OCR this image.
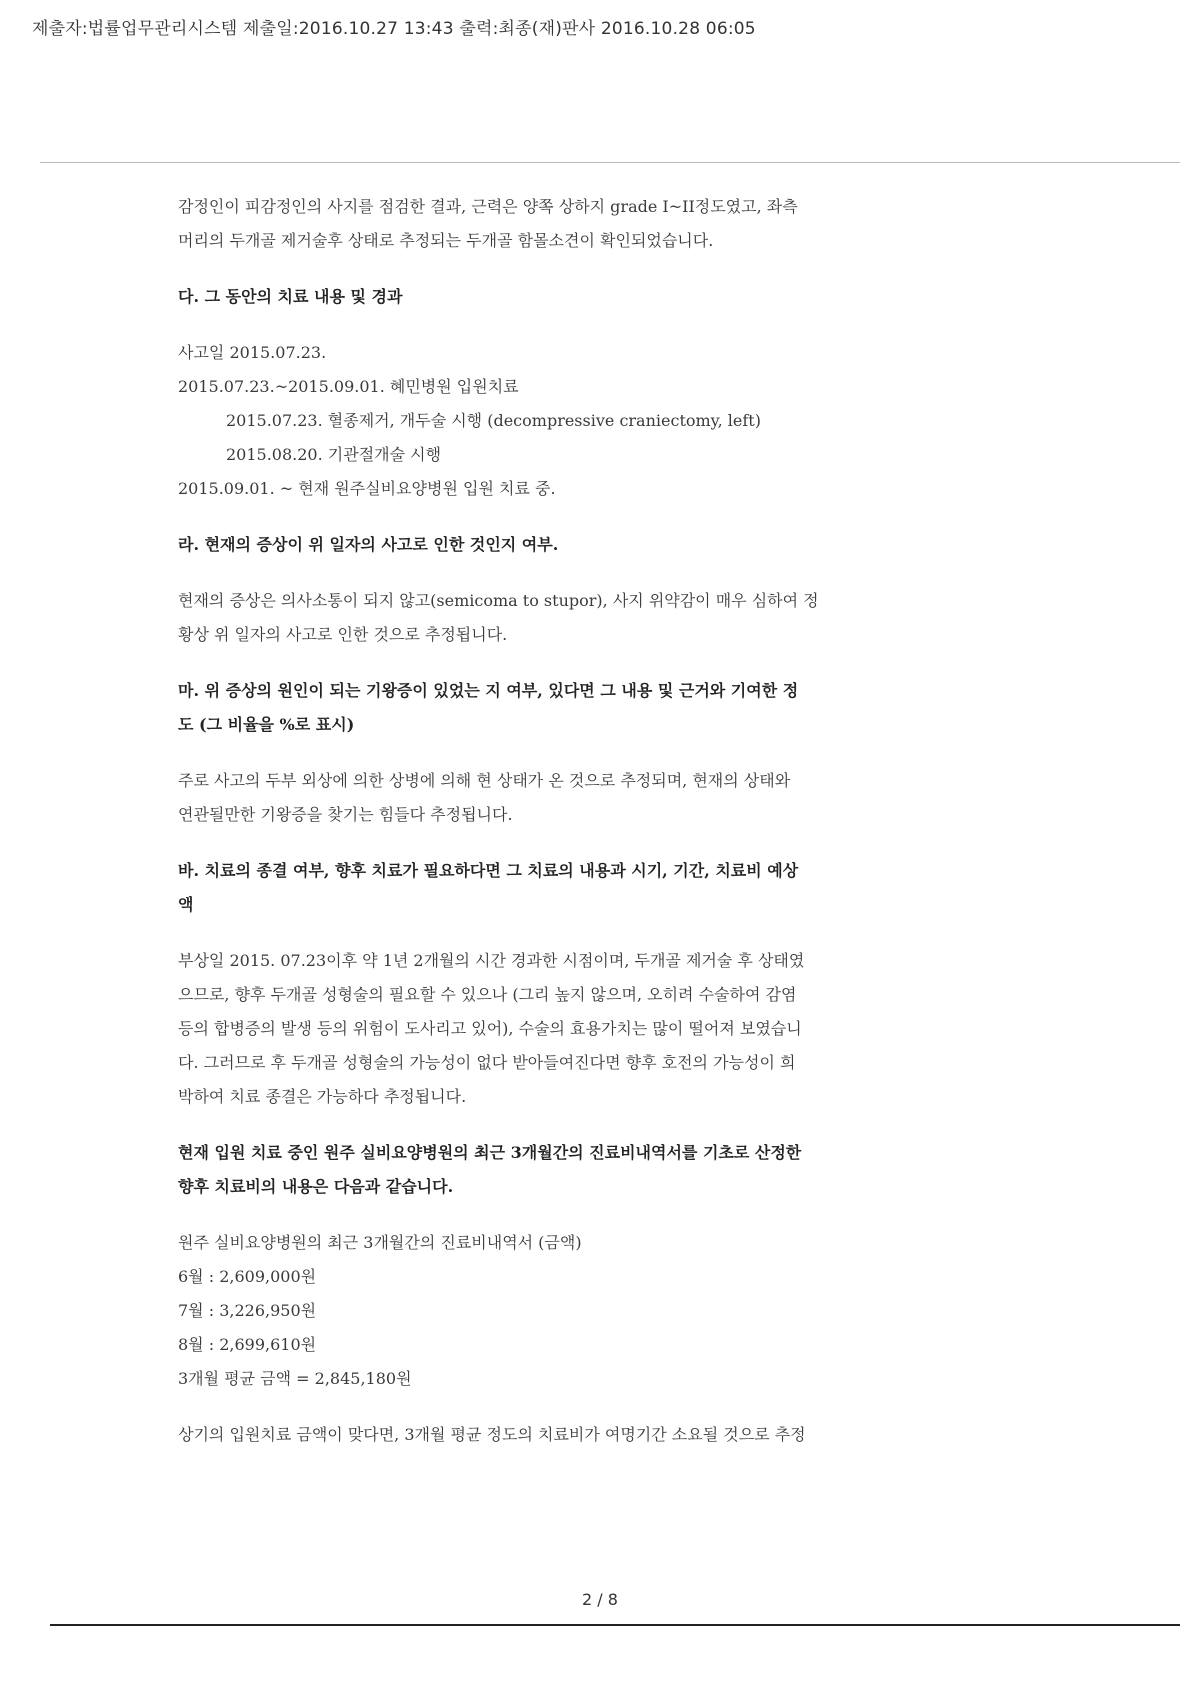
제출자:법률업무관리시스템 제출일:2016.10.27 13:43 출력:최종(재)판사 2016.10.28 06:05

감정인이 피감정인의 사지를 점검한 결과, 근력은 양쪽 상하지 grade I~II정도였고, 좌측
머리의 두개골 제거술후 상태로 추정되는 두개골 함몰소견이 확인되었습니다.

다. 그 동안의 치료 내용 및 경과

사고일 2015.07.23.

2015.07.23.~2015.09.01. 혜민병원 입원치료

2015.07.23. 혈종제거, 개두술 시행 (decompressive craniectomy, left)

2015.08.20. 기관절개술 시행

2015.09.01. ~ 현재 원주실비요양병원 입원 치료 중.

라. 현재의 증상이 위 일자의 사고로 인한 것인지 여부.

현재의 증상은 의사소통이 되지 않고(semicoma to stupor), 사지 위약감이 매우 심하여 정
황상 위 일자의 사고로 인한 것으로 추정됩니다.

마. 위 증상의 원인이 되는 기왕증이 있었는 지 여부, 있다면 그 내용 및 근거와 기여한 정
도 (그 비율을 %로 표시)

주로 사고의 두부 외상에 의한 상병에 의해 현 상태가 온 것으로 추정되며, 현재의 상태와
연관될만한 기왕증을 찾기는 힘들다 추정됩니다.

바. 치료의 종결 여부, 향후 치료가 필요하다면 그 치료의 내용과 시기, 기간, 치료비 예상
액

부상일 2015. 07.23이후 약 1년 2개월의 시간 경과한 시점이며, 두개골 제거술 후 상태였
으므로, 향후 두개골 성형술의 필요할 수 있으나 (그리 높지 않으며, 오히려 수술하여 감염
등의 합병증의 발생 등의 위험이 도사리고 있어), 수술의 효용가치는 많이 떨어져 보였습니
다. 그러므로 후 두개골 성형술의 가능성이 없다 받아들여진다면 향후 호전의 가능성이 희
박하여 치료 종결은 가능하다 추정됩니다.

현재 입원 치료 중인 원주 실비요양병원의 최근 3개월간의 진료비내역서를 기초로 산정한
향후 치료비의 내용은 다음과 같습니다.

원주 실비요양병원의 최근 3개월간의 진료비내역서 (금액)

6월 : 2,609,000원

7월 : 3,226,950원

8월 : 2,699,610원

3개월 평균 금액 = 2,845,180원

상기의 입원치료 금액이 맞다면, 3개월 평균 정도의 치료비가 여명기간 소요될 것으로 추정

2 / 8
